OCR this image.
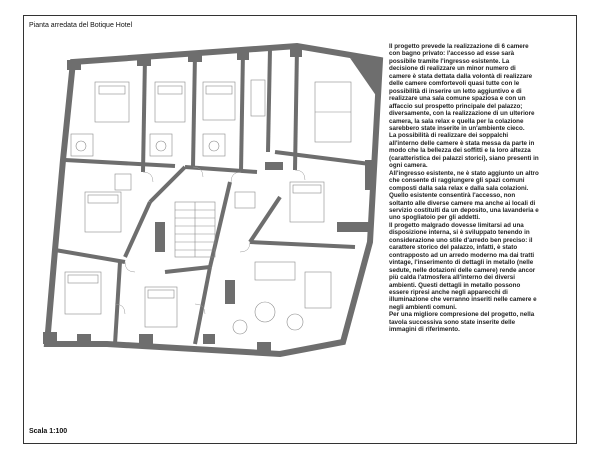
Pianta arredata del Botique Hotel
Scala 1:100

Il progetto prevede la realizzazione di 6 camere con bagno privato: l'accesso ad esse sarà possibile tramite l'ingresso esistente. La decisione di realizzare un minor numero di camere è stata dettata dalla volontà di realizzare delle camere comfortevoli quasi tutte con le possibilità di inserire un letto aggiuntivo e di realizzare una sala comune spaziosa e con un affaccio sul prospetto principale del palazzo; diversamente, con la realizzazione di un ulteriore camera, la sala relax e quella per la colazione sarebbero state inserite in un'ambiente cieco.

La possibilità di realizzare dei soppalchi all'interno delle camere è stata messa da parte in modo che la bellezza dei soffitti e la loro altezza (caratteristica dei palazzi storici), siano presenti in ogni camera.

All'ingresso esistente, ne è stato aggiunto un altro che consente di raggiungere gli spazi comuni composti dalla sala relax e dalla sala colazioni. Quello esistente consentirà l'accesso, non soltanto alle diverse camere ma anche ai locali di servizio costituiti da un deposito, una lavanderia e uno spogliatoio per gli addetti.

Il progetto malgrado dovesse limitarsi ad una disposizione interna, si è sviluppato tenendo in considerazione uno stile d'arredo ben preciso: il carattere storico del palazzo, infatti, è stato contrapposto ad un arredo moderno ma dai tratti vintage, l'inserimento di dettagli in metallo (nelle sedute, nelle dotazioni delle camere) rende ancor più calda l'atmosfera all'interno dei diversi ambienti. Questi dettagli in metallo possono essere ripresi anche negli apparecchi di illuminazione che verranno inseriti nelle camere e negli ambienti comuni.

Per una migliore compresione del progetto, nella tavola successiva sono state inserite delle immagini di riferimento.
